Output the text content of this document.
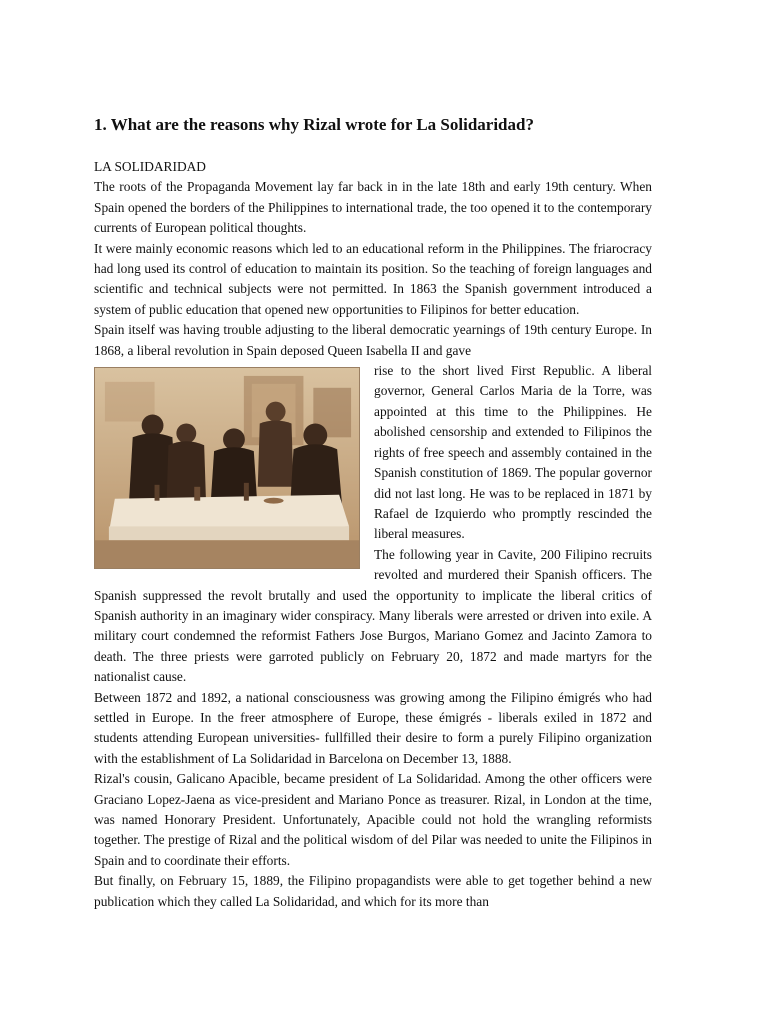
1. What are the reasons why Rizal wrote for La Solidaridad?

LA SOLIDARIDAD

The roots of the Propaganda Movement lay far back in in the late 18th and early 19th century. When Spain opened the borders of the Philippines to international trade, the too opened it to the contemporary currents of European political thoughts.

It were mainly economic reasons which led to an educational reform in the Philippines. The friarocracy had long used its control of education to maintain its position. So the teaching of foreign languages and scientific and technical subjects were not permitted. In 1863 the Spanish government introduced a system of public education that opened new opportunities to Filipinos for better education.

Spain itself was having trouble adjusting to the liberal democratic yearnings of 19th century Europe. In 1868, a liberal revolution in Spain deposed Queen Isabella II and gave

rise to the short lived First Republic. A liberal governor, General Carlos Maria de la Torre, was appointed at this time to the Philippines. He abolished censorship and extended to Filipinos the rights of free speech and assembly contained in the Spanish constitution of 1869. The popular governor did not last long. He was to be replaced in 1871 by Rafael de Izquierdo who promptly rescinded the liberal measures.

The following year in Cavite, 200 Filipino recruits revolted and murdered their Spanish officers. The Spanish suppressed the revolt brutally and used the opportunity to implicate the liberal critics of Spanish authority in an imaginary wider conspiracy. Many liberals were arrested or driven into exile. A military court condemned the reformist Fathers Jose Burgos, Mariano Gomez and Jacinto Zamora to death. The three priests were garroted publicly on February 20, 1872 and made martyrs for the nationalist cause.

Between 1872 and 1892, a national consciousness was growing among the Filipino émigrés who had settled in Europe. In the freer atmosphere of Europe, these émigrés - liberals exiled in 1872 and students attending European universities- fullfilled their desire to form a purely Filipino organization with the establishment of La Solidaridad in Barcelona on December 13, 1888.

Rizal's cousin, Galicano Apacible, became president of La Solidaridad. Among the other officers were Graciano Lopez-Jaena as vice-president and Mariano Ponce as treasurer. Rizal, in London at the time, was named Honorary President. Unfortunately, Apacible could not hold the wrangling reformists together. The prestige of Rizal and the political wisdom of del Pilar was needed to unite the Filipinos in Spain and to coordinate their efforts.

But finally, on February 15, 1889, the Filipino propagandists were able to get together behind a new publication which they called La Solidaridad, and which for its more than
